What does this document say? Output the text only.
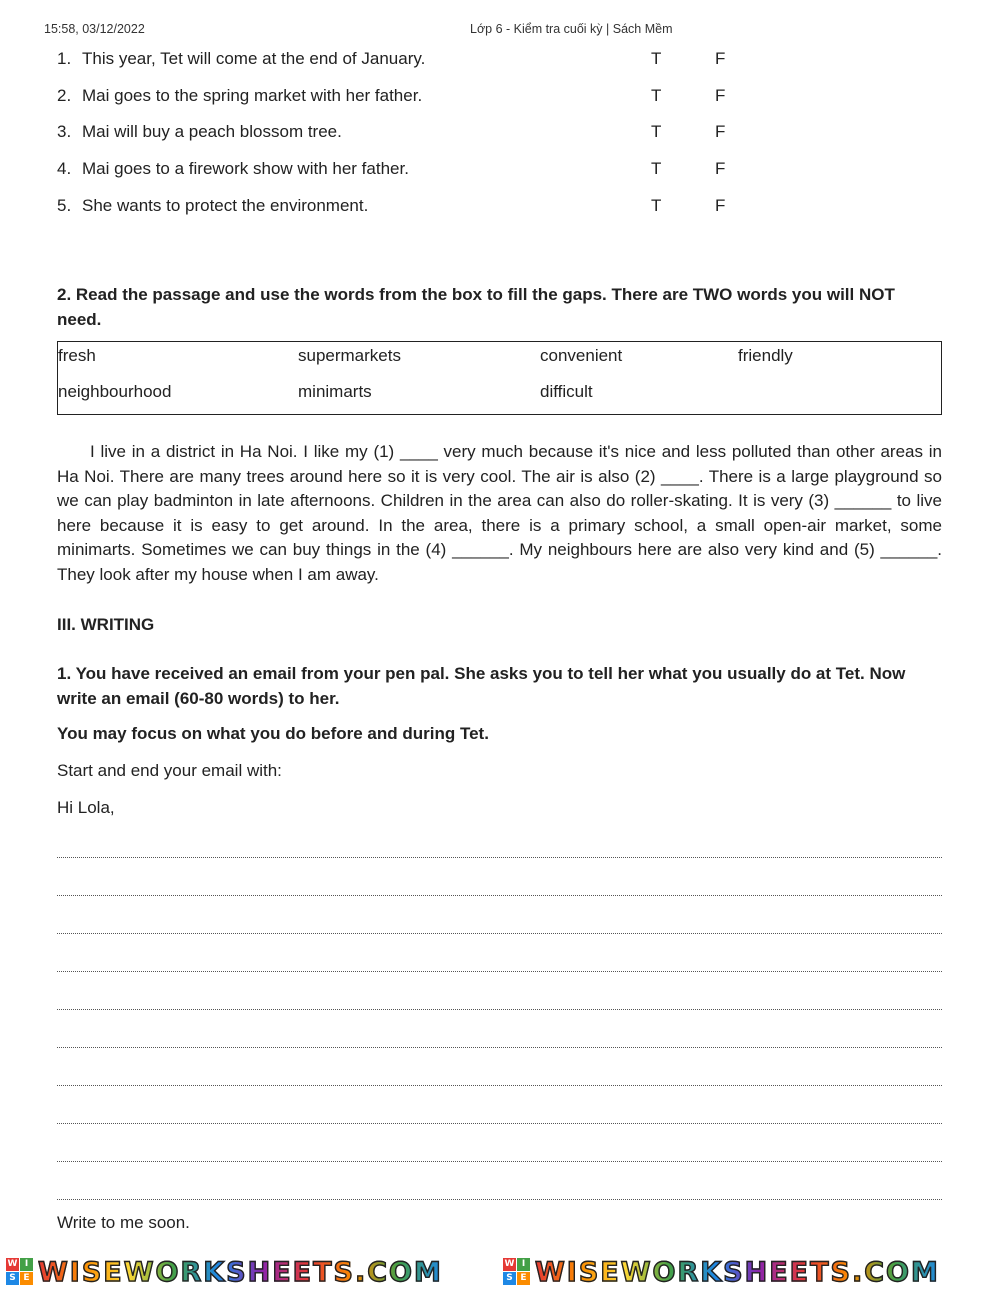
15:58, 03/12/2022	Lớp 6 - Kiểm tra cuối kỳ | Sách Mềm
1. This year, Tet will come at the end of January.	T	F
2. Mai goes to the spring market with her father.	T	F
3. Mai will buy a peach blossom tree.	T	F
4. Mai goes to a firework show with her father.	T	F
5. She wants to protect the environment.	T	F
2. Read the passage and use the words from the box to fill the gaps. There are TWO words you will NOT need.
fresh	supermarkets	convenient	friendly
neighbourhood	minimarts	difficult

I live in a district in Ha Noi. I like my (1) ____ very much because it's nice and less polluted than other areas in Ha Noi. There are many trees around here so it is very cool. The air is also (2) ____. There is a large playground so we can play badminton in late afternoons. Children in the area can also do roller-skating. It is very (3) ______ to live here because it is easy to get around. In the area, there is a primary school, a small open-air market, some minimarts. Sometimes we can buy things in the (4) ______. My neighbours here are also very kind and (5) ______. They look after my house when I am away.

III. WRITING
1. You have received an email from your pen pal. She asks you to tell her what you usually do at Tet. Now write an email (60-80 words) to her.
You may focus on what you do before and during Tet.
Start and end your email with:
Hi Lola,
Write to me soon.
W I
S E WISEWORKSHEETS.COM	W I
S E WISEWORKSHEETS.COM
